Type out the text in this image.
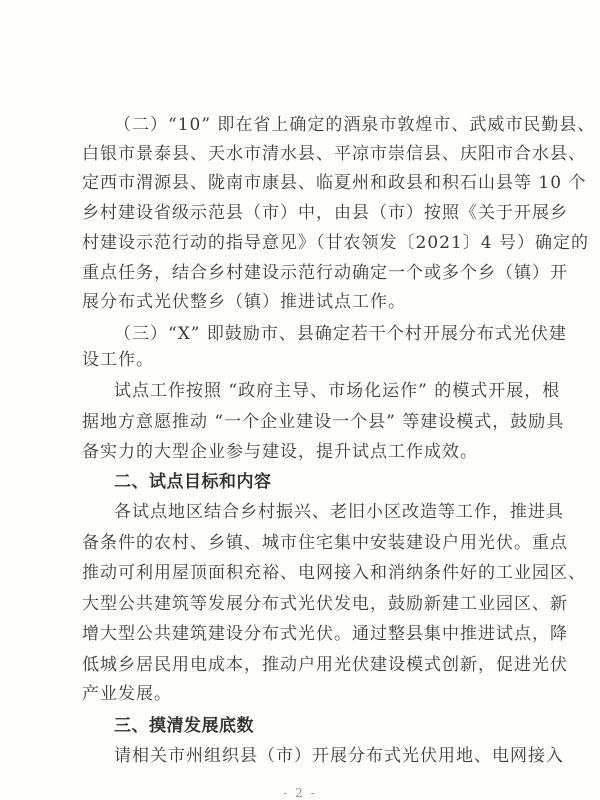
（二）“10” 即在省上确定的酒泉市敦煌市、武威市民勤县、
白银市景泰县、天水市清水县、平凉市崇信县、庆阳市合水县、
定西市渭源县、陇南市康县、临夏州和政县和积石山县等 10 个
乡村建设省级示范县（市）中，由县（市）按照《关于开展乡
村建设示范行动的指导意见》（甘农领发〔2021〕4 号）确定的
重点任务，结合乡村建设示范行动确定一个或多个乡（镇）开
展分布式光伏整乡（镇）推进试点工作。
（三）“X” 即鼓励市、县确定若干个村开展分布式光伏建
设工作。
试点工作按照 “政府主导、市场化运作” 的模式开展，根
据地方意愿推动 “一个企业建设一个县” 等建设模式，鼓励具
备实力的大型企业参与建设，提升试点工作成效。
二、试点目标和内容
各试点地区结合乡村振兴、老旧小区改造等工作，推进具
备条件的农村、乡镇、城市住宅集中安装建设户用光伏。重点
推动可利用屋顶面积充裕、电网接入和消纳条件好的工业园区、
大型公共建筑等发展分布式光伏发电，鼓励新建工业园区、新
增大型公共建筑建设分布式光伏。通过整县集中推进试点，降
低城乡居民用电成本，推动户用光伏建设模式创新，促进光伏
产业发展。
三、摸清发展底数
请相关市州组织县（市）开展分布式光伏用地、电网接入
- 2 -
